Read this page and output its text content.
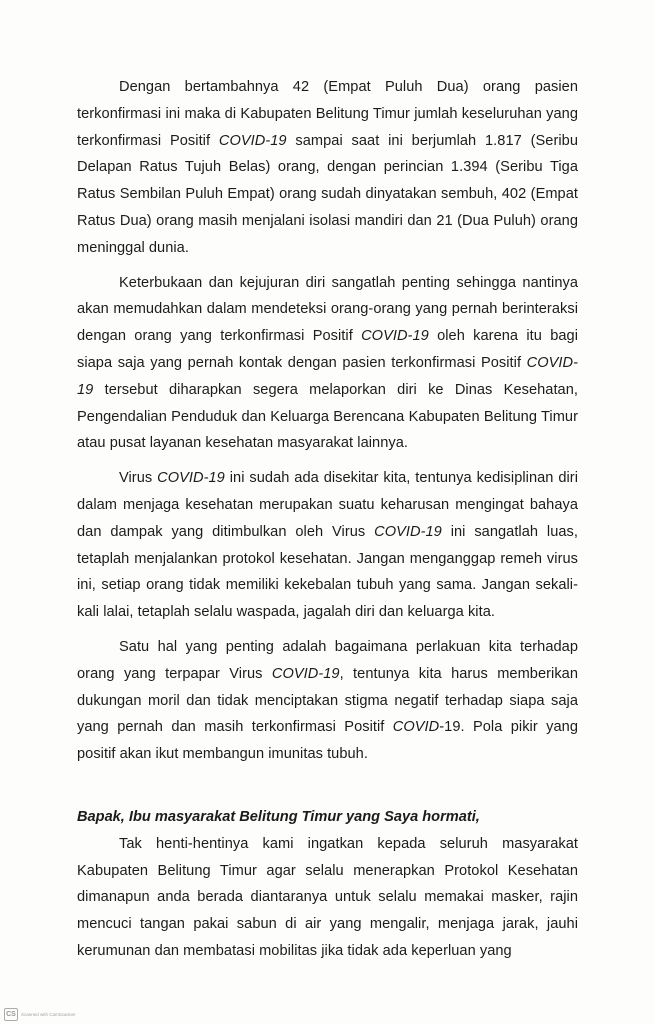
Dengan bertambahnya 42 (Empat Puluh Dua) orang pasien terkonfirmasi ini maka di Kabupaten Belitung Timur jumlah keseluruhan yang terkonfirmasi Positif COVID-19 sampai saat ini berjumlah 1.817 (Seribu Delapan Ratus Tujuh Belas) orang, dengan perincian 1.394 (Seribu Tiga Ratus Sembilan Puluh Empat) orang sudah dinyatakan sembuh, 402 (Empat Ratus Dua) orang masih menjalani isolasi mandiri dan 21 (Dua Puluh) orang meninggal dunia.

Keterbukaan dan kejujuran diri sangatlah penting sehingga nantinya akan memudahkan dalam mendeteksi orang-orang yang pernah berinteraksi dengan orang yang terkonfirmasi Positif COVID-19 oleh karena itu bagi siapa saja yang pernah kontak dengan pasien terkonfirmasi Positif COVID-19 tersebut diharapkan segera melaporkan diri ke Dinas Kesehatan, Pengendalian Penduduk dan Keluarga Berencana Kabupaten Belitung Timur atau pusat layanan kesehatan masyarakat lainnya.

Virus COVID-19 ini sudah ada disekitar kita, tentunya kedisiplinan diri dalam menjaga kesehatan merupakan suatu keharusan mengingat bahaya dan dampak yang ditimbulkan oleh Virus COVID-19 ini sangatlah luas, tetaplah menjalankan protokol kesehatan. Jangan menganggap remeh virus ini, setiap orang tidak memiliki kekebalan tubuh yang sama. Jangan sekali-kali lalai, tetaplah selalu waspada, jagalah diri dan keluarga kita.

Satu hal yang penting adalah bagaimana perlakuan kita terhadap orang yang terpapar Virus COVID-19, tentunya kita harus memberikan dukungan moril dan tidak menciptakan stigma negatif terhadap siapa saja yang pernah dan masih terkonfirmasi Positif COVID-19. Pola pikir yang positif akan ikut membangun imunitas tubuh.

Bapak, Ibu masyarakat Belitung Timur yang Saya hormati,

Tak henti-hentinya kami ingatkan kepada seluruh masyarakat Kabupaten Belitung Timur agar selalu menerapkan Protokol Kesehatan dimanapun anda berada diantaranya untuk selalu memakai masker, rajin mencuci tangan pakai sabun di air yang mengalir, menjaga jarak, jauhi kerumunan dan membatasi mobilitas jika tidak ada keperluan yang

CS	Scanned with CamScanner
